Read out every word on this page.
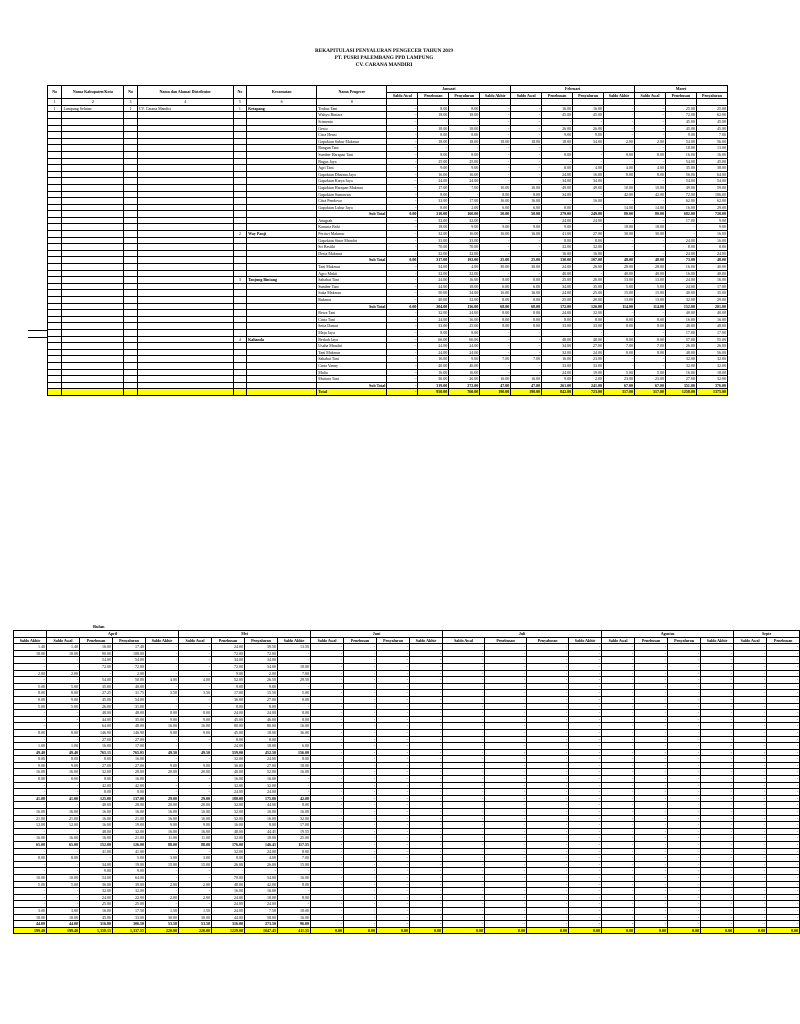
REKAPITULASI PENYALURAN PENGECER TAHUN 2019
PT. PUSRI PALEMBANG PPD LAMPUNG
CV. CARANA MANDIRI
No	Nama Kabupaten/Kota	No	Nama dan Alamat Distributor	No	Kecamatan	Nama Pengecer	Januari				Februari				Maret		
							Saldo Awal	Penebusan	Penyaluran	Saldo Akhir	Saldo Awal	Penebusan	Penyaluran	Saldo Akhir	Saldo Awal	Penebusan	Penyaluran
1	2	3	4	5	6	8											
1	Lampung Selatan	1	CV. Carana Mandiri	1	Ketapang	Trubus Tani	-	8.00	8.00	-	-	16.00	16.00	-	-	25.00	25.00
						Wahyu Bintara	-	18.00	18.00	-	-	45.00	45.00	-	-	72.00	62.00
						Srimenta	-	-	-	-	-	-	-	-	-	45.00	45.00
						Gesto	-	18.00	18.00	-	-	26.00	26.00	-	-	45.00	45.00
						Citra Hensi	-	8.00	8.00	-	-	9.00	9.00	-	-	9.00	7.00
						Gapoktan Subur Makmur	-	18.00	18.00	18.00	18.00	18.00	34.00	2.00	2.00	54.00	56.00
						Bangun Tani	-	-	-	-	-	-	-	-	-	18.00	13.00
						Sumber Harapan Tani	-	8.00	8.00	-	-	8.00	-	8.00	8.00	16.00	16.00
						Bugus Jaya	-	25.00	25.00	-	-	-	-	-	-	54.00	45.00
						Agri Tani	-	9.00	9.00	-	-	8.00	4.00	4.00	4.00	35.00	38.00
						Gapoktan Dharma Jaya	-	16.00	16.00	-	-	24.00	16.00	8.00	8.00	56.00	64.00
						Gapoktan Karya Jaya	-	24.00	24.00	-	-	34.00	34.00	-	-	54.00	54.00
						Gapoktan Harapan Makmur	-	17.00	7.00	10.00	10.00	49.00	49.00	10.00	10.00	49.00	59.00
						Gapoktan Sumawan	-	8.00	-	8.00	8.00	34.00	-	42.00	42.00	72.00	106.00
						Citra Pendowo	-	33.00	17.00	16.00	16.00	-	16.00	-	-	62.00	62.00
						Gapoktan Luhur Jaya	-	8.00	2.00	6.00	6.00	8.00	-	14.00	14.00	16.00	29.00
						Sub Total	0.00	210.00	160.00	50.00	50.00	279.00	249.00	80.00	80.00	682.00	720.00
						Anugrah	-	32.00	32.00	-	-	24.00	24.00	-	-	17.00	9.00
						Karunia Bahi	-	18.00	9.00	9.00	9.00	9.00	-	18.00	18.00	-	9.00
				2	Way Panji	Pertiwi Makmur	-	32.00	16.00	16.00	16.00	41.00	27.00	30.00	30.00	-	16.00
						Gapoktan Sinar Mandiri	-	33.00	33.00	-	-	8.00	8.00	-	-	24.00	16.00
						Sri Bestiki	-	70.00	70.00	-	-	32.00	32.00	-	-	8.00	8.00
						Desta Makmur	-	32.00	32.00	-	-	16.00	16.00	-	-	24.00	24.00
						Sub Total	0.00	217.00	192.00	25.00	25.00	130.00	107.00	48.00	48.00	73.00	48.00
						Tani Makmur	-	34.00	4.00	30.00	30.00	24.00	26.00	28.00	28.00	16.00	40.00
						Agro Mukti	-	32.00	32.00	-	-	40.00	-	40.00	40.00	16.00	40.00
				3	Tanjung Bintang	Sahabat Tani	-	24.00	16.00	8.00	8.00	25.00	20.00	13.00	13.00	24.00	16.00
						Sumber Tani	-	24.00	18.00	6.00	6.00	34.00	35.00	5.00	5.00	24.00	17.00
						Suka Makmur	-	50.00	34.00	16.00	16.00	24.00	25.00	15.00	15.00	40.00	35.00
						Rukmat	-	40.00	32.00	8.00	8.00	25.00	20.00	13.00	13.00	32.00	29.00
						Sub Total	0.00	204.00	136.00	68.00	68.00	172.00	126.00	114.00	114.00	152.00	201.00
						Rewa Tani	-	32.00	24.00	8.00	8.00	24.00	32.00	-	-	40.00	40.00
						Cinta Tani	-	24.00	16.00	8.00	8.00	8.00	8.00	8.00	8.00	16.00	16.00
						Setia Damai	-	33.00	25.00	8.00	8.00	33.00	33.00	8.00	8.00	40.00	48.00
						Maju Jaya	-	8.00	8.00	-	-	-	-	-	-	17.00	17.00
				4	Kalianda	Berkah Jaya	-	66.00	66.00	-	-	48.00	40.00	8.00	8.00	57.00	55.00
						Usaha Mandiri	-	24.00	24.00	-	-	34.00	27.00	7.00	7.00	26.00	26.00
						Tani Makmur	-	24.00	24.00	-	-	32.00	24.00	8.00	8.00	48.00	56.00
						Sahabat Tani	-	16.00	9.00	7.00	7.00	16.00	23.00	-	-	32.00	32.00
						Cinta Vanny	-	40.00	40.00	-	-	33.00	33.00	-	-	32.00	32.00
						Mulia	-	16.00	16.00	-	-	24.00	19.00	5.00	5.00	16.00	18.00
						Mutiara Tani	-	36.00	20.00	16.00	16.00	9.00	2.00	23.00	23.00	27.00	32.00
						Sub Total	-	319.00	272.00	47.00	47.00	261.00	241.00	67.00	67.00	351.00	376.00
						Total	-	950.00	760.00	190.00	190.00	842.00	723.00	317.00	317.00	1258.00	1375.00
Bulan
	April				Mei				Juni				Juli				Agustus				Septe	
Saldo Akhir	Saldo Awal	Penebusan	Penyaluran	Saldo Akhir	Saldo Awal	Penebusan	Penyaluran	Saldo Akhir	Saldo Awal	Penebusan	Penyaluran	Saldo Akhir	Saldo Awal	Penebusan	Penyaluran	Saldo Akhir	Saldo Awal	Penebusan	Penyaluran	Saldo Akhir	Saldo Awal	Penebusan
1.40	1.40	16.00	17.40	-	-	24.00	39.50	13.50	-	-	-	-	-	-	-	-	-	-	-	-	-	-
18.00	18.00	90.00	108.00	-	-	72.00	72.00	-	-	-	-	-	-	-	-	-	-	-	-	-	-	-
-	-	54.00	54.00	-	-	34.00	34.00	-	-	-	-	-	-	-	-	-	-	-	-	-	-	-
-	-	72.00	72.00	-	-	72.00	54.00	18.00	-	-	-	-	-	-	-	-	-	-	-	-	-	-
2.00	2.00	-	2.00	-	-	9.00	2.00	7.00	-	-	-	-	-	-	-	-	-	-	-	-	-	-
-	-	54.00	50.00	4.00	4.00	52.00	26.50	29.50	-	-	-	-	-	-	-	-	-	-	-	-	-	-
5.00	5.00	35.00	40.00	-	-	9.00	9.00	-	-	-	-	-	-	-	-	-	-	-	-	-	-	-
8.00	8.00	27.25	31.75	3.50	3.50	17.00	15.50	5.00	-	-	-	-	-	-	-	-	-	-	-	-	-	-
9.00	9.00	45.00	54.00	-	-	36.00	27.00	9.00	-	-	-	-	-	-	-	-	-	-	-	-	-	-
5.00	5.00	26.00	31.00	-	-	8.00	8.00	-	-	-	-	-	-	-	-	-	-	-	-	-	-	-
-	-	48.00	48.00	8.00	8.00	24.00	24.00	8.00	-	-	-	-	-	-	-	-	-	-	-	-	-	-
-	-	44.00	35.00	9.00	9.00	45.00	46.00	8.00	-	-	-	-	-	-	-	-	-	-	-	-	-	-
-	-	64.00	48.00	16.00	16.00	80.00	80.00	16.00	-	-	-	-	-	-	-	-	-	-	-	-	-	-
8.00	8.00	146.90	146.90	9.00	9.00	45.00	18.00	36.00	-	-	-	-	-	-	-	-	-	-	-	-	-	-
-	-	27.00	27.00	-	-	8.00	8.00	-	-	-	-	-	-	-	-	-	-	-	-	-	-	-
1.00	1.00	16.00	17.00	-	-	24.00	18.00	6.00	-	-	-	-	-	-	-	-	-	-	-	-	-	-
49.40	49.40	765.15	765.05	49.50	49.50	559.00	452.50	156.00	-	-	-	-	-	-	-	-	-	-	-	-	-	-
8.00	8.00	8.00	16.00	-	-	32.00	24.00	8.00	-	-	-	-	-	-	-	-	-	-	-	-	-	-
9.00	9.00	27.00	27.00	9.00	9.00	36.00	27.00	18.00	-	-	-	-	-	-	-	-	-	-	-	-	-	-
16.00	16.00	32.00	28.00	20.00	20.00	40.00	52.00	16.00	-	-	-	-	-	-	-	-	-	-	-	-	-	-
8.00	8.00	8.00	16.00	-	-	16.00	16.00	-	-	-	-	-	-	-	-	-	-	-	-	-	-	-
-	-	42.00	42.00	-	-	32.00	32.00	-	-	-	-	-	-	-	-	-	-	-	-	-	-	-
-	-	8.00	8.00	-	-	24.00	24.00	-	-	-	-	-	-	-	-	-	-	-	-	-	-	-
41.00	41.00	125.00	137.00	29.00	29.00	180.00	175.00	42.00	-	-	-	-	-	-	-	-	-	-	-	-	-	-
-	-	48.00	28.00	20.00	20.00	32.00	44.00	8.00	-	-	-	-	-	-	-	-	-	-	-	-	-	-
16.00	16.00	16.00	16.00	16.00	16.00	32.00	16.00	16.00	-	-	-	-	-	-	-	-	-	-	-	-	-	-
21.00	21.00	16.00	21.00	16.00	16.00	32.00	16.00	32.00	-	-	-	-	-	-	-	-	-	-	-	-	-	-
12.00	12.00	16.00	19.00	9.00	9.00	16.00	8.00	17.00	-	-	-	-	-	-	-	-	-	-	-	-	-	-
-	-	48.00	32.00	16.00	16.00	48.00	44.45	19.55	-	-	-	-	-	-	-	-	-	-	-	-	-	-
16.00	16.00	16.00	21.00	11.00	11.00	32.00	18.00	25.00	-	-	-	-	-	-	-	-	-	-	-	-	-	-
65.00	65.00	152.00	126.00	88.00	88.00	176.00	146.45	117.55	-	-	-	-	-	-	-	-	-	-	-	-	-	-
-	-	41.00	41.00	-	-	32.00	24.00	8.00	-	-	-	-	-	-	-	-	-	-	-	-	-	-
8.00	8.00	-	5.00	3.00	3.00	8.00	4.00	7.00	-	-	-	-	-	-	-	-	-	-	-	-	-	-
-	-	34.00	19.00	15.00	15.00	26.00	26.00	15.00	-	-	-	-	-	-	-	-	-	-	-	-	-	-
-	-	9.00	9.00	-	-	-	-	-	-	-	-	-	-	-	-	-	-	-	-	-	-	-
10.00	10.00	54.00	64.00	-	-	70.00	54.00	16.00	-	-	-	-	-	-	-	-	-	-	-	-	-	-
5.00	5.00	36.00	39.00	2.00	2.00	48.00	42.00	8.00	-	-	-	-	-	-	-	-	-	-	-	-	-	-
-	-	32.00	32.00	-	-	16.00	16.00	-	-	-	-	-	-	-	-	-	-	-	-	-	-	-
-	-	24.00	22.00	2.00	2.00	24.00	18.00	8.00	-	-	-	-	-	-	-	-	-	-	-	-	-	-
-	-	25.00	25.00	-	-	24.00	24.00	-	-	-	-	-	-	-	-	-	-	-	-	-	-	-
3.00	3.00	16.00	17.50	1.50	1.50	24.00	7.50	18.00	-	-	-	-	-	-	-	-	-	-	-	-	-	-
18.00	18.00	45.00	33.00	30.00	30.00	44.00	58.00	16.00	-	-	-	-	-	-	-	-	-	-	-	-	-	-
44.00	44.00	316.00	306.50	53.50	53.50	316.00	273.50	96.00	-	-	-	-	-	-	-	-	-	-	-	-	-	-
199.40	199.40	1,358.15	1,337.55	220.00	220.00	1229.00	1047.45	411.55	0.00	0.00	0.00	0.00	0.00	0.00	0.00	0.00	0.00	0.00	0.00	0.00	0.00	0.00
